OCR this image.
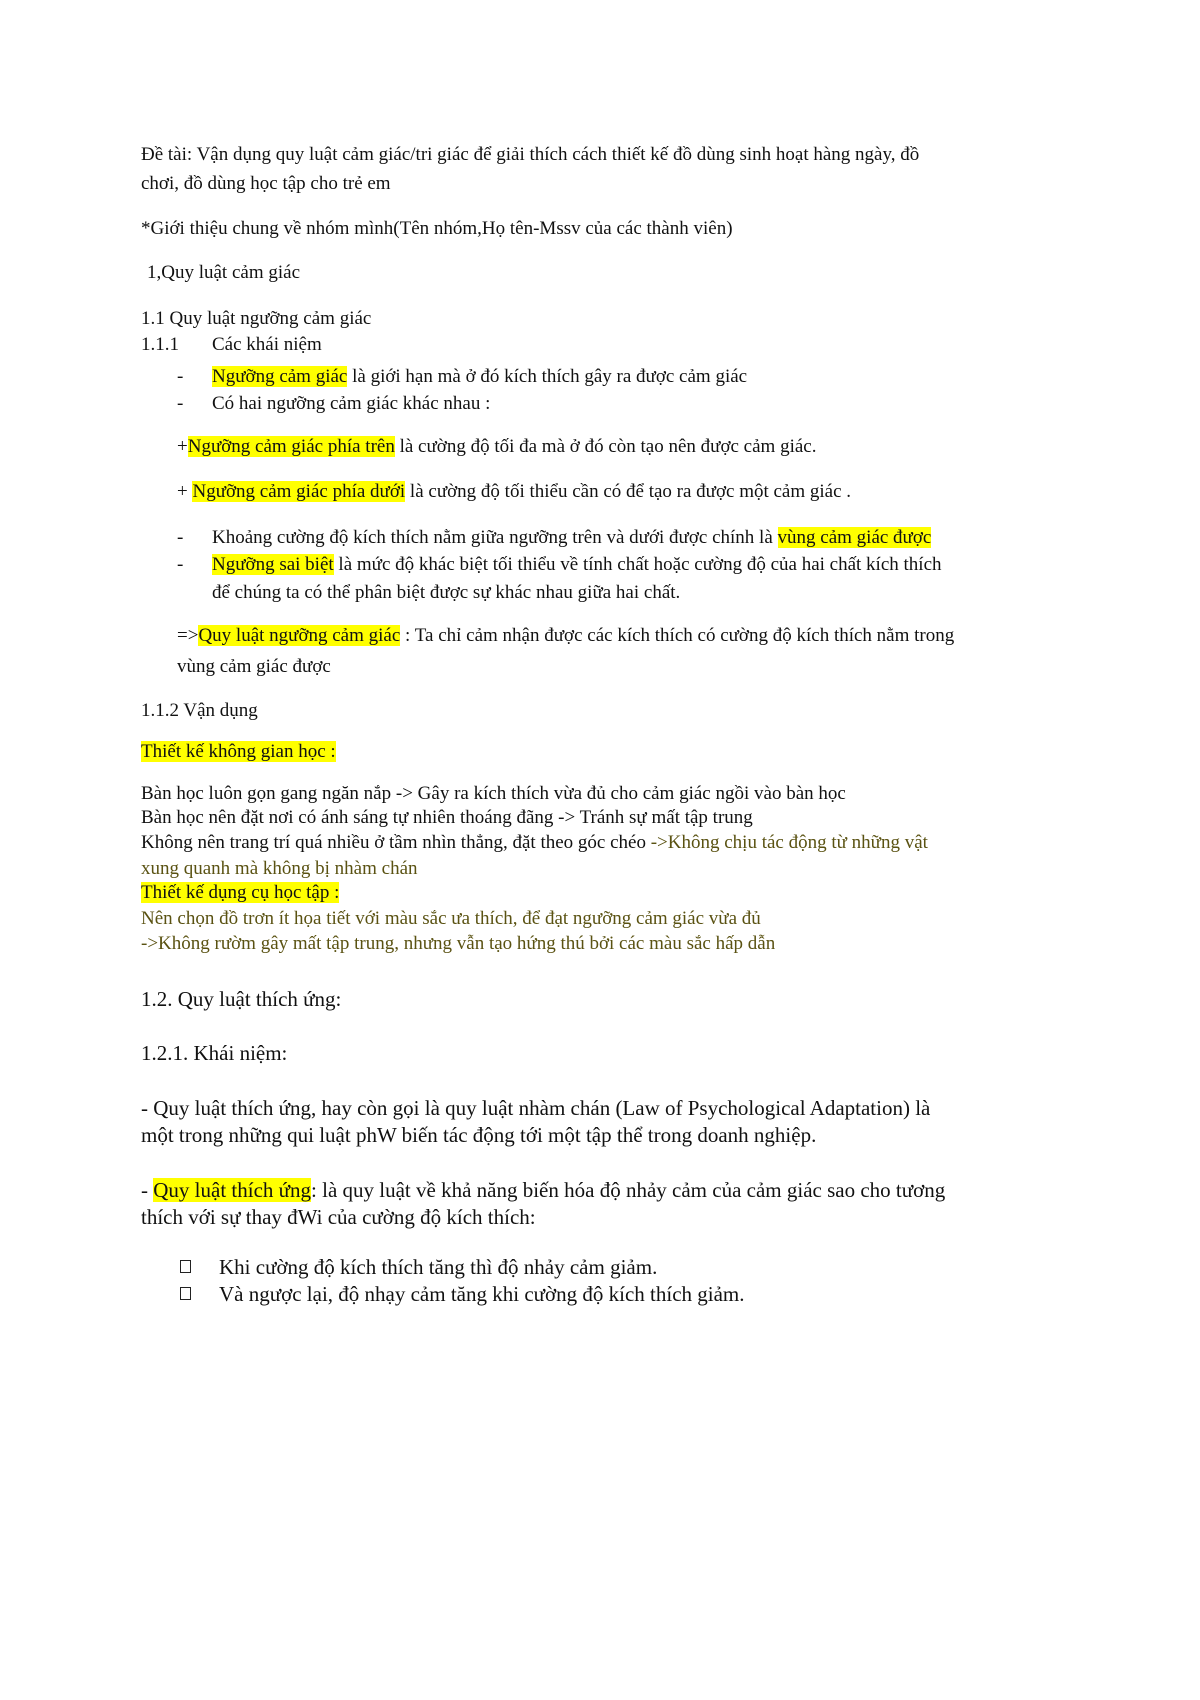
Đề tài: Vận dụng quy luật cảm giác/tri giác để giải thích cách thiết kế đồ dùng sinh hoạt hàng ngày, đồ
chơi, đồ dùng học tập cho trẻ em
*Giới thiệu chung về nhóm mình(Tên nhóm,Họ tên-Mssv của các thành viên)
1,Quy luật cảm giác
1.1 Quy luật ngưỡng cảm giác
1.1.1 Các khái niệm
- Ngưỡng cảm giác là giới hạn mà ở đó kích thích gây ra được cảm giác
- Có hai ngưỡng cảm giác khác nhau :
+Ngưỡng cảm giác phía trên là cường độ tối đa mà ở đó còn tạo nên được cảm giác.
+ Ngưỡng cảm giác phía dưới là cường độ tối thiểu cần có để tạo ra được một cảm giác .
- Khoảng cường độ kích thích nằm giữa ngưỡng trên và dưới được chính là vùng cảm giác được
- Ngưỡng sai biệt là mức độ khác biệt tối thiểu về tính chất hoặc cường độ của hai chất kích thích
để chúng ta có thể phân biệt được sự khác nhau giữa hai chất.
=>Quy luật ngưỡng cảm giác : Ta chỉ cảm nhận được các kích thích có cường độ kích thích nằm trong
vùng cảm giác được
1.1.2 Vận dụng
Thiết kế không gian học :
Bàn học luôn gọn gang ngăn nắp -> Gây ra kích thích vừa đủ cho cảm giác ngồi vào bàn học
Bàn học nên đặt nơi có ánh sáng tự nhiên thoáng đãng -> Tránh sự mất tập trung
Không nên trang trí quá nhiều ở tầm nhìn thẳng, đặt theo góc chéo ->Không chịu tác động từ những vật
xung quanh mà không bị nhàm chán
Thiết kế dụng cụ học tập :
Nên chọn đồ trơn ít họa tiết với màu sắc ưa thích, để đạt ngưỡng cảm giác vừa đủ
->Không rườm gây mất tập trung, nhưng vẫn tạo hứng thú bởi các màu sắc hấp dẫn
1.2. Quy luật thích ứng:
1.2.1. Khái niệm:
- Quy luật thích ứng, hay còn gọi là quy luật nhàm chán (Law of Psychological Adaptation) là
một trong những qui luật phW biến tác động tới một tập thể trong doanh nghiệp.
- Quy luật thích ứng: là quy luật về khả năng biến hóa độ nhảy cảm của cảm giác sao cho tương
thích với sự thay đWi của cường độ kích thích:
Khi cường độ kích thích tăng thì độ nhảy cảm giảm.
Và ngược lại, độ nhạy cảm tăng khi cường độ kích thích giảm.
